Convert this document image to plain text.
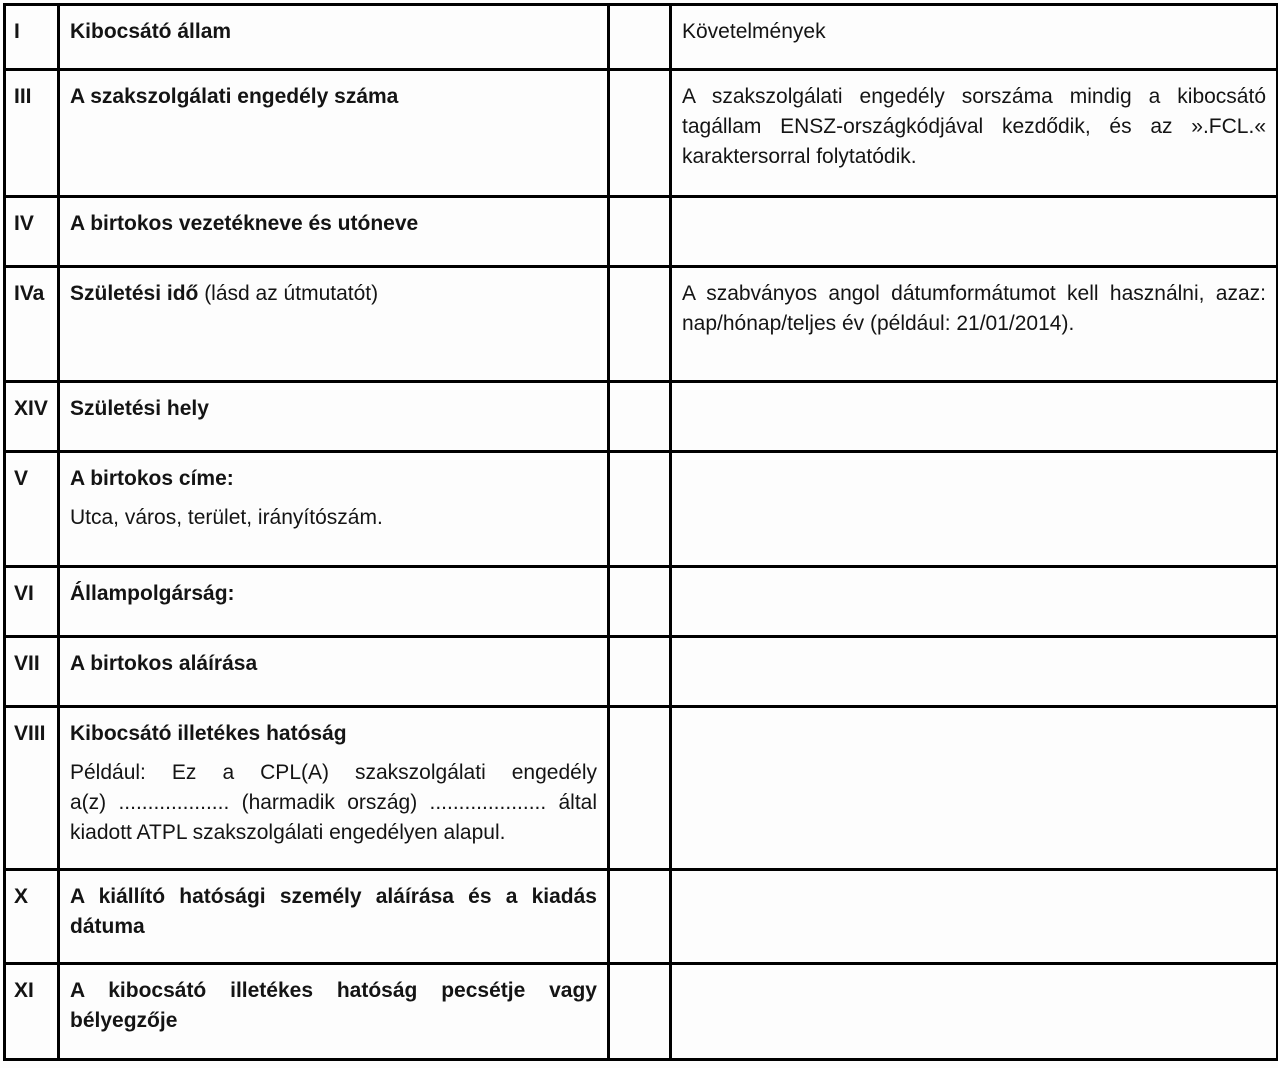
I	Kibocsátó állam		Követelmények

III	A szakszolgálati engedély száma		A szakszolgálati engedély sorszáma mindig a kibocsátó
tagállam ENSZ-országkódjával kezdődik, és az ».FCL.«
karaktersorral folytatódik.

IV	A birtokos vezetékneve és utóneve		

IVa	Születési idő (lásd az útmutatót)		A szabványos angol dátumformátumot kell használni, azaz:
nap/hónap/teljes év (például: 21/01/2014).

XIV	Születési hely		

V	A birtokos címe:
Utca, város, terület, irányítószám.		

VI	Állampolgárság:		

VII	A birtokos aláírása		

VIII	Kibocsátó illetékes hatóság
Például: Ez a CPL(A) szakszolgálati engedély
a(z) ................... (harmadik ország) .................... által
kiadott ATPL szakszolgálati engedélyen alapul.		

X	A kiállító hatósági személy aláírása és a kiadás
dátuma		

XI	A kibocsátó illetékes hatóság pecsétje vagy
bélyegzője		
